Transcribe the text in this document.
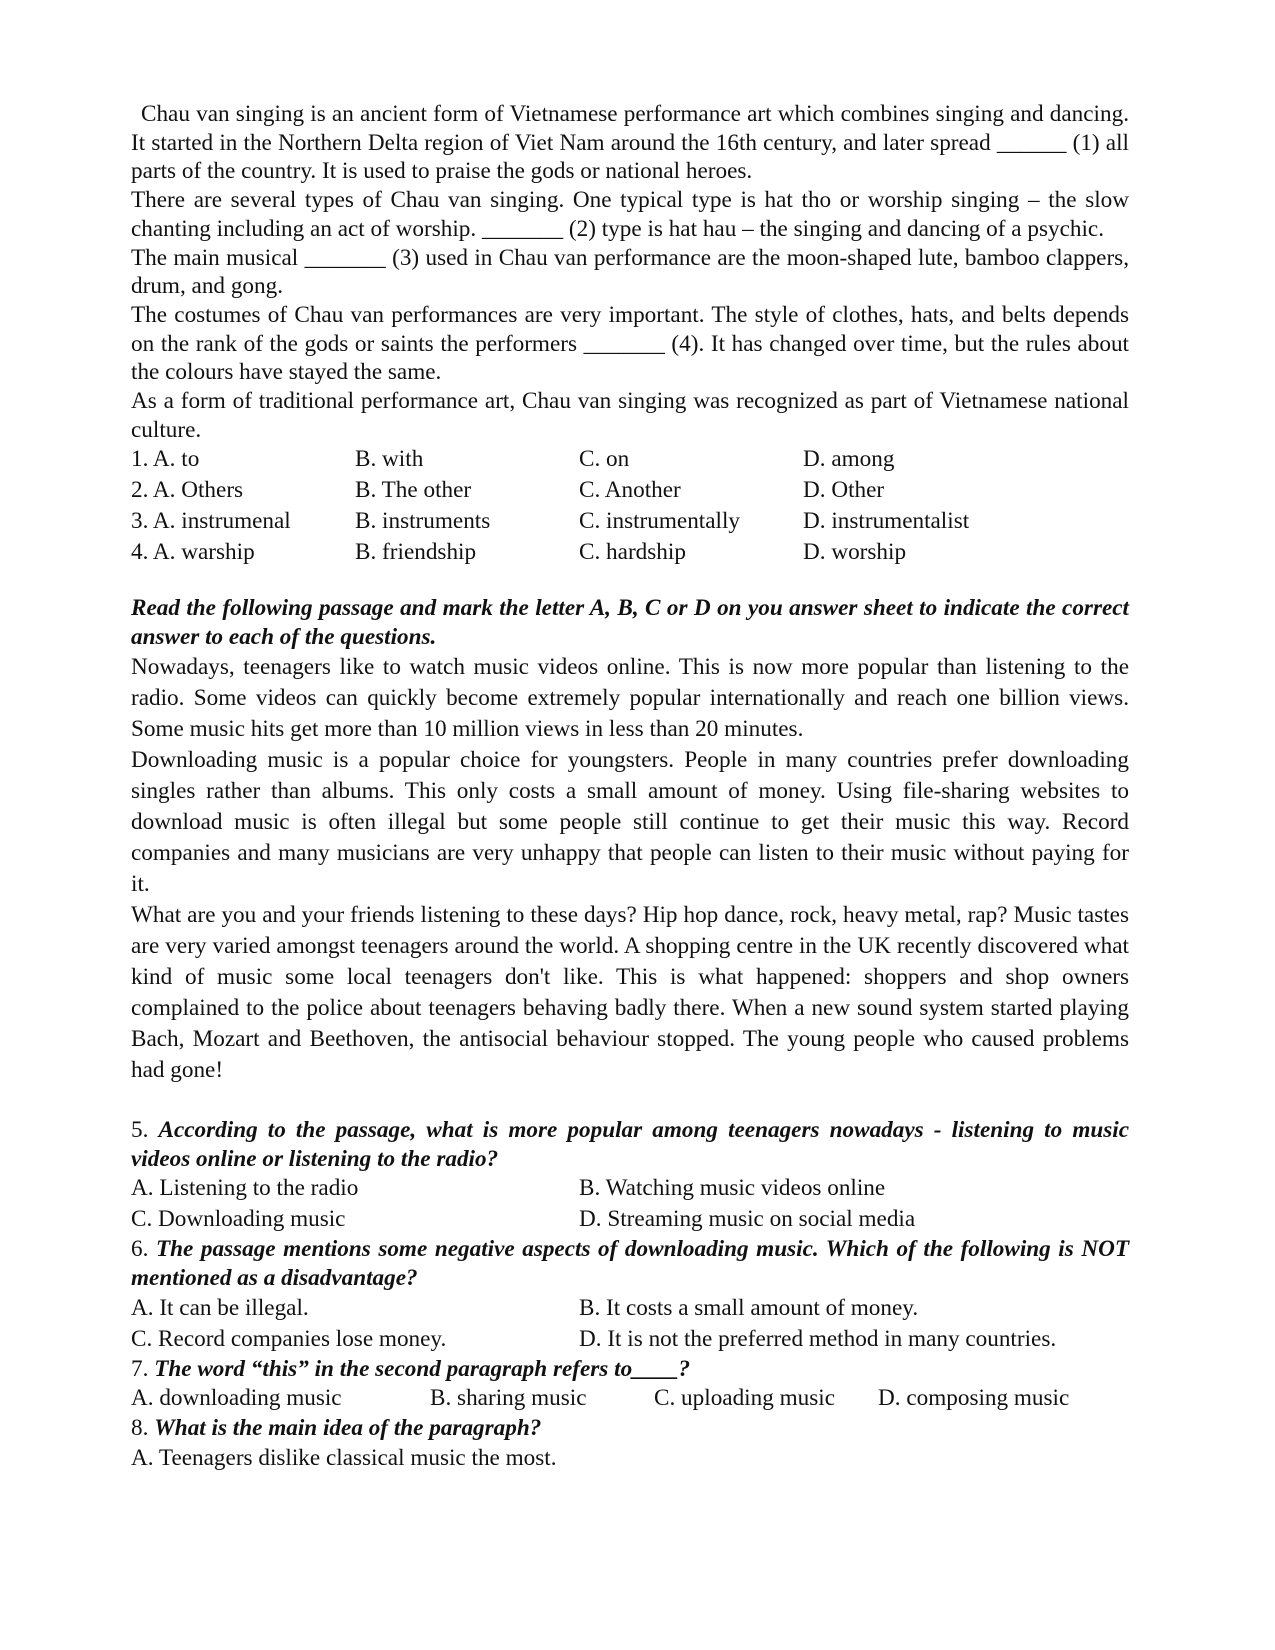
Chau van singing is an ancient form of Vietnamese performance art which combines singing and dancing. It started in the Northern Delta region of Viet Nam around the 16th century, and later spread ______ (1) all parts of the country. It is used to praise the gods or national heroes.

There are several types of Chau van singing. One typical type is hat tho or worship singing – the slow chanting including an act of worship. _______ (2) type is hat hau – the singing and dancing of a psychic.

The main musical _______ (3) used in Chau van performance are the moon-shaped lute, bamboo clappers, drum, and gong.

The costumes of Chau van performances are very important. The style of clothes, hats, and belts depends on the rank of the gods or saints the performers _______ (4). It has changed over time, but the rules about the colours have stayed the same.

As a form of traditional performance art, Chau van singing was recognized as part of Vietnamese national culture.

1. A. to	B. with	C. on	D. among
2. A. Others	B. The other	C. Another	D. Other
3. A. instrumenal	B. instruments	C. instrumentally	D. instrumentalist
4. A. warship	B. friendship	C. hardship	D. worship

Read the following passage and mark the letter A, B, C or D on you answer sheet to indicate the correct answer to each of the questions.

Nowadays, teenagers like to watch music videos online. This is now more popular than listening to the radio. Some videos can quickly become extremely popular internationally and reach one billion views. Some music hits get more than 10 million views in less than 20 minutes.

Downloading music is a popular choice for youngsters. People in many countries prefer downloading singles rather than albums. This only costs a small amount of money. Using file-sharing websites to download music is often illegal but some people still continue to get their music this way. Record companies and many musicians are very unhappy that people can listen to their music without paying for it.

What are you and your friends listening to these days? Hip hop dance, rock, heavy metal, rap? Music tastes are very varied amongst teenagers around the world. A shopping centre in the UK recently discovered what kind of music some local teenagers don't like. This is what happened: shoppers and shop owners complained to the police about teenagers behaving badly there. When a new sound system started playing Bach, Mozart and Beethoven, the antisocial behaviour stopped. The young people who caused problems had gone!

5. According to the passage, what is more popular among teenagers nowadays - listening to music videos online or listening to the radio?

A. Listening to the radio	B. Watching music videos online
C. Downloading music	D. Streaming music on social media

6. The passage mentions some negative aspects of downloading music. Which of the following is NOT mentioned as a disadvantage?

A. It can be illegal.	B. It costs a small amount of money.
C. Record companies lose money.	D. It is not the preferred method in many countries.

7. The word “this” in the second paragraph refers to____?

A. downloading music	B. sharing music	C. uploading music	D. composing music

8. What is the main idea of the paragraph?

A. Teenagers dislike classical music the most.
